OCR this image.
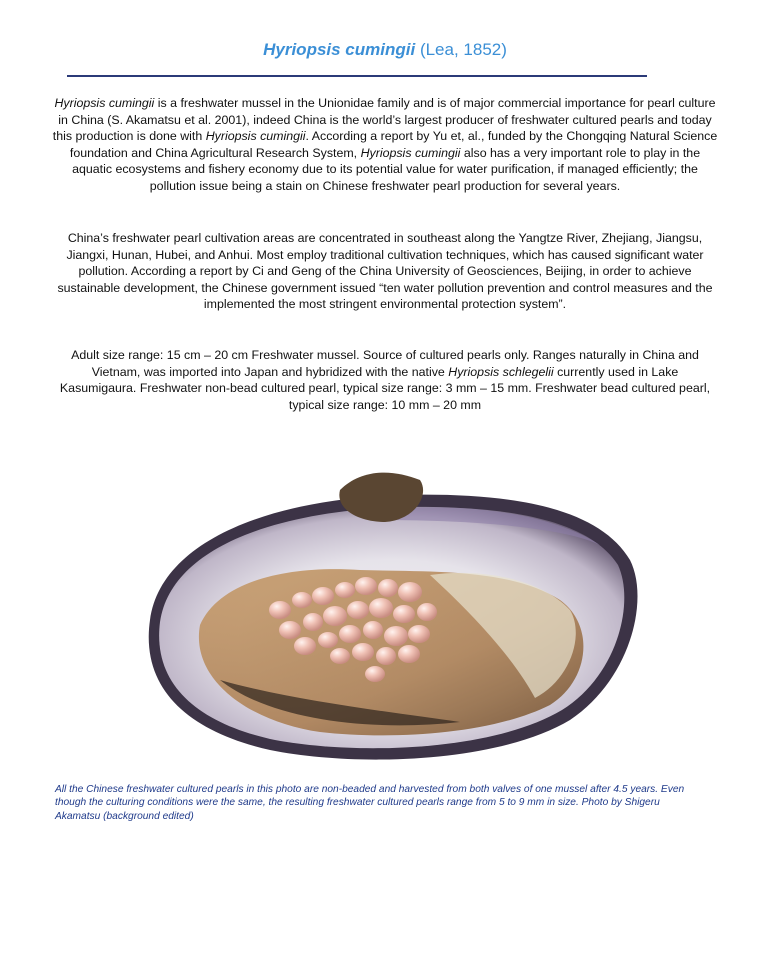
Hyriopsis cumingii (Lea, 1852)

Hyriopsis cumingii is a freshwater mussel in the Unionidae family and is of major commercial importance for pearl culture in China (S. Akamatsu et al. 2001), indeed China is the world’s largest producer of freshwater cultured pearls and today this production is done with Hyriopsis cumingii. According a report by Yu et, al., funded by the Chongqing Natural Science foundation and China Agricultural Research System, Hyriopsis cumingii also has a very important role to play in the aquatic ecosystems and fishery economy due to its potential value for water purification, if managed efficiently; the pollution issue being a stain on Chinese freshwater pearl production for several years.

China’s freshwater pearl cultivation areas are concentrated in southeast along the Yangtze River, Zhejiang, Jiangsu, Jiangxi, Hunan, Hubei, and Anhui. Most employ traditional cultivation techniques, which has caused significant water pollution. According a report by Ci and Geng of the China University of Geosciences, Beijing, in order to achieve sustainable development, the Chinese government issued “ten water pollution prevention and control measures and the implemented the most stringent environmental protection system”.

Adult size range: 15 cm – 20 cm Freshwater mussel. Source of cultured pearls only. Ranges naturally in China and Vietnam, was imported into Japan and hybridized with the native Hyriopsis schlegelii currently used in Lake Kasumigaura. Freshwater non-bead cultured pearl, typical size range: 3 mm – 15 mm. Freshwater bead cultured pearl, typical size range: 10 mm – 20 mm

All the Chinese freshwater cultured pearls in this photo are non-beaded and harvested from both valves of one mussel after 4.5 years. Even though the culturing conditions were the same, the resulting freshwater cultured pearls range from 5 to 9 mm in size. Photo by Shigeru Akamatsu (background edited)
